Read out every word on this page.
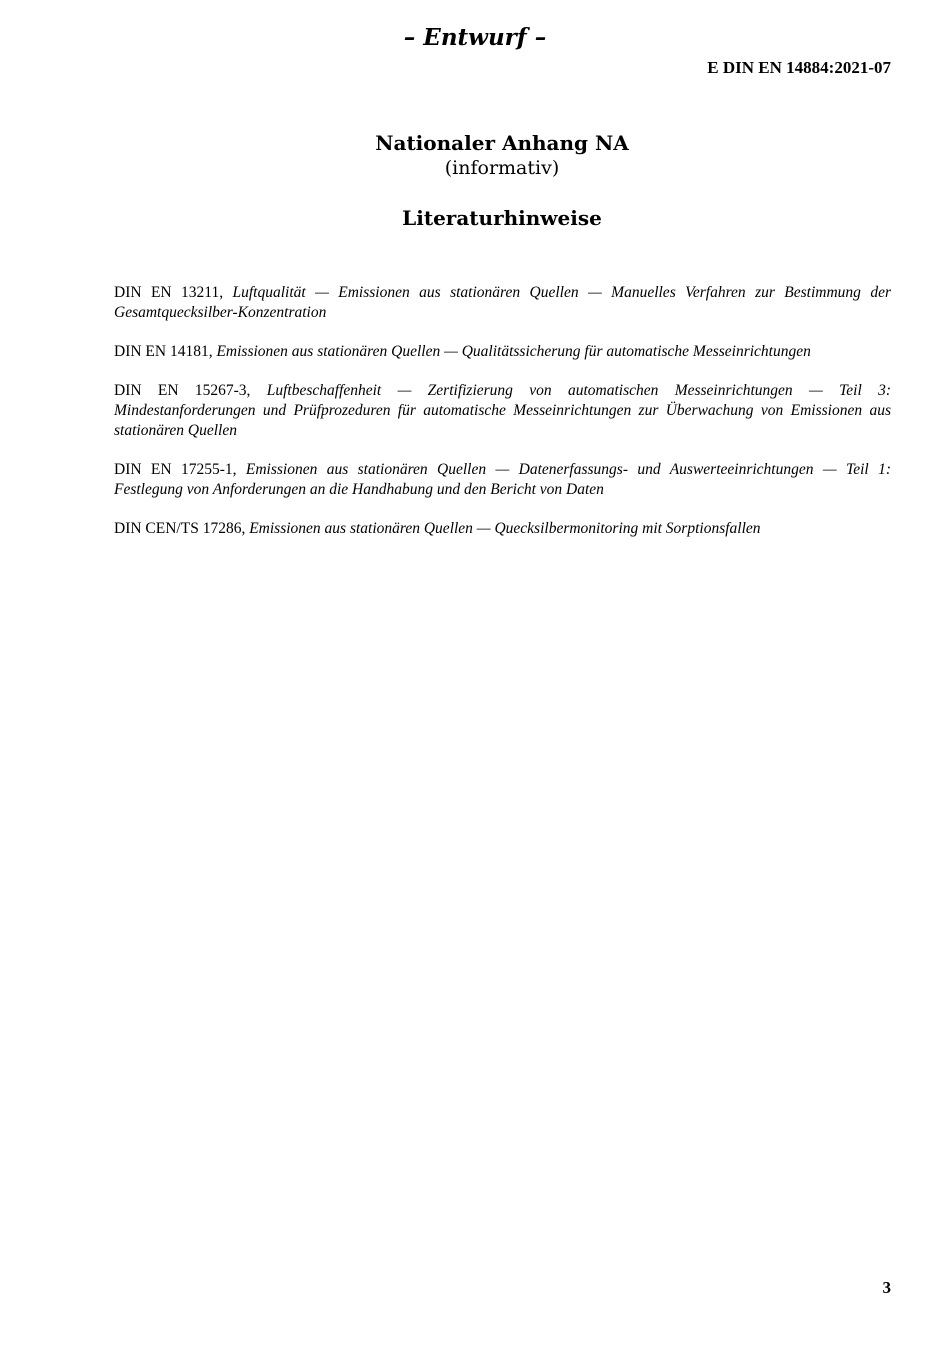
– Entwurf –

E DIN EN 14884:2021-07

Nationaler Anhang NA

(informativ)

Literaturhinweise
DIN EN 13211, Luftqualität — Emissionen aus stationären Quellen — Manuelles Verfahren zur Bestimmung der Gesamtquecksilber-Konzentration
DIN EN 14181, Emissionen aus stationären Quellen — Qualitätssicherung für automatische Messeinrichtungen
DIN EN 15267-3, Luftbeschaffenheit — Zertifizierung von automatischen Messeinrichtungen — Teil 3: Mindestanforderungen und Prüfprozeduren für automatische Messeinrichtungen zur Überwachung von Emissionen aus stationären Quellen
DIN EN 17255-1, Emissionen aus stationären Quellen — Datenerfassungs- und Auswerteeinrichtungen — Teil 1: Festlegung von Anforderungen an die Handhabung und den Bericht von Daten
DIN CEN/TS 17286, Emissionen aus stationären Quellen — Quecksilbermonitoring mit Sorptionsfallen

3
